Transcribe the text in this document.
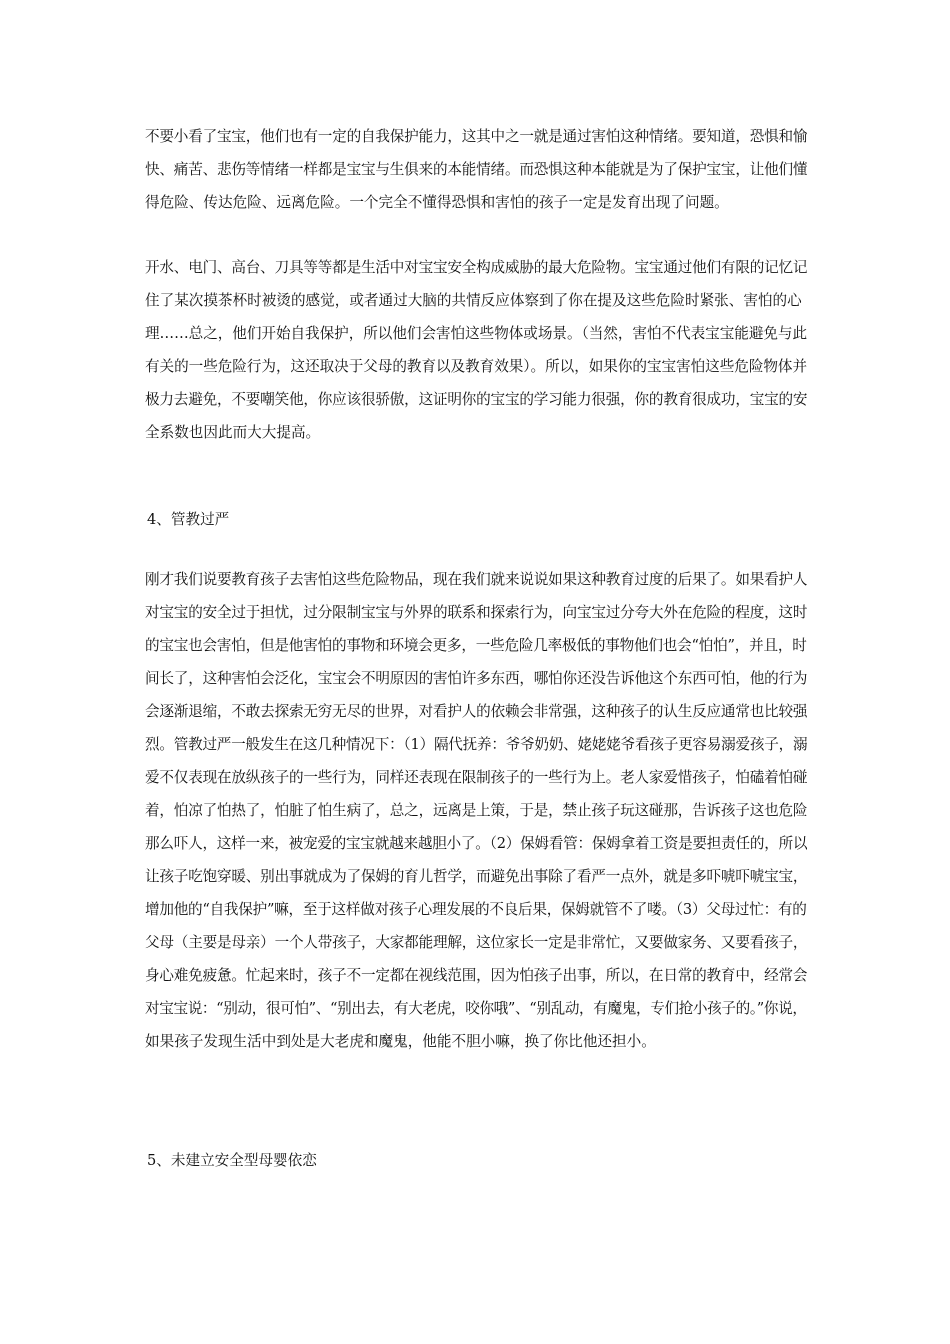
不要小看了宝宝，他们也有一定的自我保护能力，这其中之一就是通过害怕这种情绪。要知道，恐惧和愉
快、痛苦、悲伤等情绪一样都是宝宝与生俱来的本能情绪。而恐惧这种本能就是为了保护宝宝，让他们懂
得危险、传达危险、远离危险。一个完全不懂得恐惧和害怕的孩子一定是发育出现了问题。
开水、电门、高台、刀具等等都是生活中对宝宝安全构成威胁的最大危险物。宝宝通过他们有限的记忆记
住了某次摸茶杯时被烫的感觉，或者通过大脑的共情反应体察到了你在提及这些危险时紧张、害怕的心
理……总之，他们开始自我保护，所以他们会害怕这些物体或场景。（当然，害怕不代表宝宝能避免与此
有关的一些危险行为，这还取决于父母的教育以及教育效果）。所以，如果你的宝宝害怕这些危险物体并
极力去避免，不要嘲笑他，你应该很骄傲，这证明你的宝宝的学习能力很强，你的教育很成功，宝宝的安
全系数也因此而大大提高。
4、管教过严
刚才我们说要教育孩子去害怕这些危险物品，现在我们就来说说如果这种教育过度的后果了。如果看护人
对宝宝的安全过于担忧，过分限制宝宝与外界的联系和探索行为，向宝宝过分夸大外在危险的程度，这时
的宝宝也会害怕，但是他害怕的事物和环境会更多，一些危险几率极低的事物他们也会“怕怕”，并且，时
间长了，这种害怕会泛化，宝宝会不明原因的害怕许多东西，哪怕你还没告诉他这个东西可怕，他的行为
会逐渐退缩，不敢去探索无穷无尽的世界，对看护人的依赖会非常强，这种孩子的认生反应通常也比较强
烈。管教过严一般发生在这几种情况下：（1）隔代抚养：爷爷奶奶、姥姥姥爷看孩子更容易溺爱孩子，溺
爱不仅表现在放纵孩子的一些行为，同样还表现在限制孩子的一些行为上。老人家爱惜孩子，怕磕着怕碰
着，怕凉了怕热了，怕脏了怕生病了，总之，远离是上策，于是，禁止孩子玩这碰那，告诉孩子这也危险
那么吓人，这样一来，被宠爱的宝宝就越来越胆小了。（2）保姆看管：保姆拿着工资是要担责任的，所以
让孩子吃饱穿暖、别出事就成为了保姆的育儿哲学，而避免出事除了看严一点外，就是多吓唬吓唬宝宝，
增加他的“自我保护”嘛，至于这样做对孩子心理发展的不良后果，保姆就管不了喽。（3）父母过忙：有的
父母（主要是母亲）一个人带孩子，大家都能理解，这位家长一定是非常忙，又要做家务、又要看孩子，
身心难免疲惫。忙起来时，孩子不一定都在视线范围，因为怕孩子出事，所以，在日常的教育中，经常会
对宝宝说：“别动，很可怕”、“别出去，有大老虎，咬你哦”、“别乱动，有魔鬼，专们抢小孩子的。”你说，
如果孩子发现生活中到处是大老虎和魔鬼，他能不胆小嘛，换了你比他还担小。
5、未建立安全型母婴依恋
